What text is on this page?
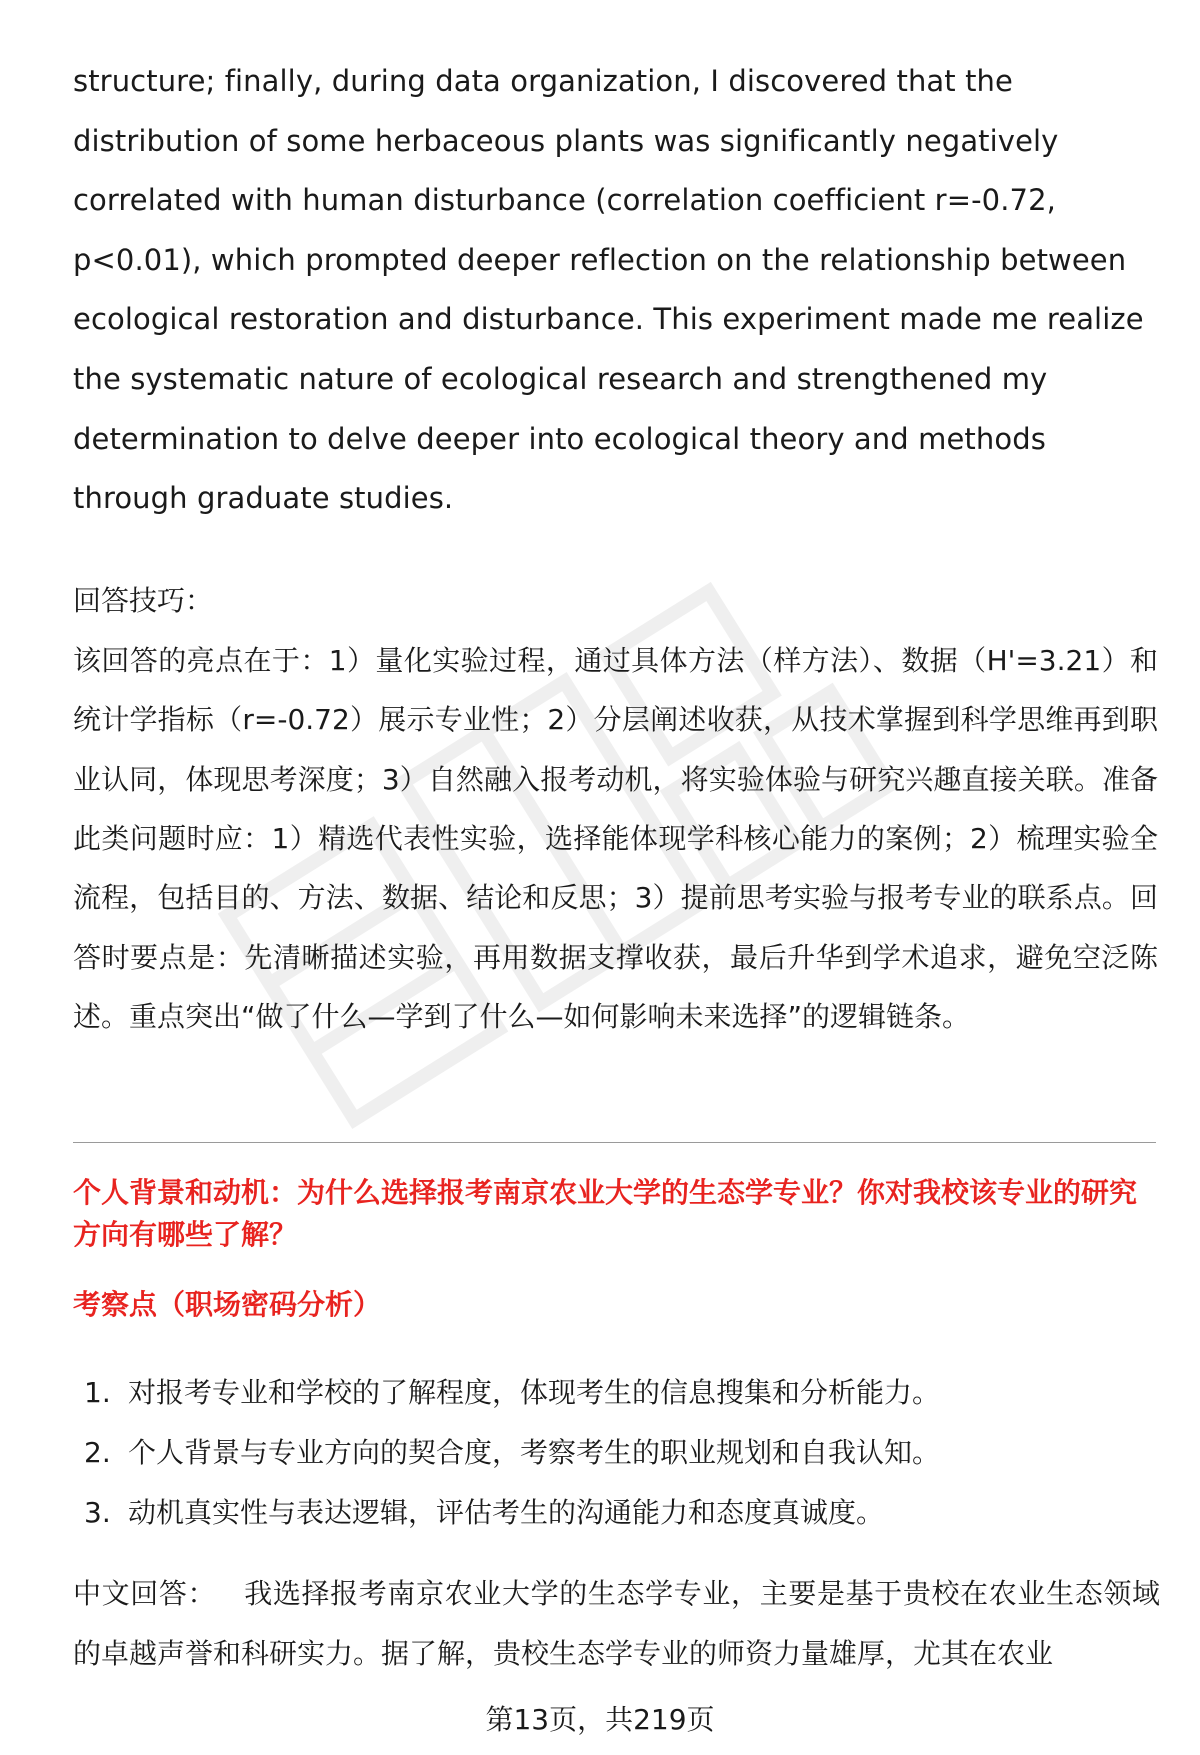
structure; finally, during data organization, I discovered that the distribution of some herbaceous plants was significantly negatively correlated with human disturbance (correlation coefficient r=-0.72, p<0.01), which prompted deeper reflection on the relationship between ecological restoration and disturbance. This experiment made me realize the systematic nature of ecological research and strengthened my determination to delve deeper into ecological theory and methods through graduate studies.

回答技巧：

该回答的亮点在于：1）量化实验过程，通过具体方法（样方法）、数据（H'=3.21）和统计学指标（r=-0.72）展示专业性；2）分层阐述收获，从技术掌握到科学思维再到职业认同，体现思考深度；3）自然融入报考动机，将实验体验与研究兴趣直接关联。准备此类问题时应：1）精选代表性实验，选择能体现学科核心能力的案例；2）梳理实验全流程，包括目的、方法、数据、结论和反思；3）提前思考实验与报考专业的联系点。回答时要点是：先清晰描述实验，再用数据支撑收获，最后升华到学术追求，避免空泛陈述。重点突出“做了什么—学到了什么—如何影响未来选择”的逻辑链条。

个人背景和动机：为什么选择报考南京农业大学的生态学专业？你对我校该专业的研究方向有哪些了解？

考察点（职场密码分析）

1. 对报考专业和学校的了解程度，体现考生的信息搜集和分析能力。
2. 个人背景与专业方向的契合度，考察考生的职业规划和自我认知。
3. 动机真实性与表达逻辑，评估考生的沟通能力和态度真诚度。

中文回答： 我选择报考南京农业大学的生态学专业，主要是基于贵校在农业生态领域的卓越声誉和科研实力。据了解，贵校生态学专业的师资力量雄厚，尤其在农业

第13页，共219页
